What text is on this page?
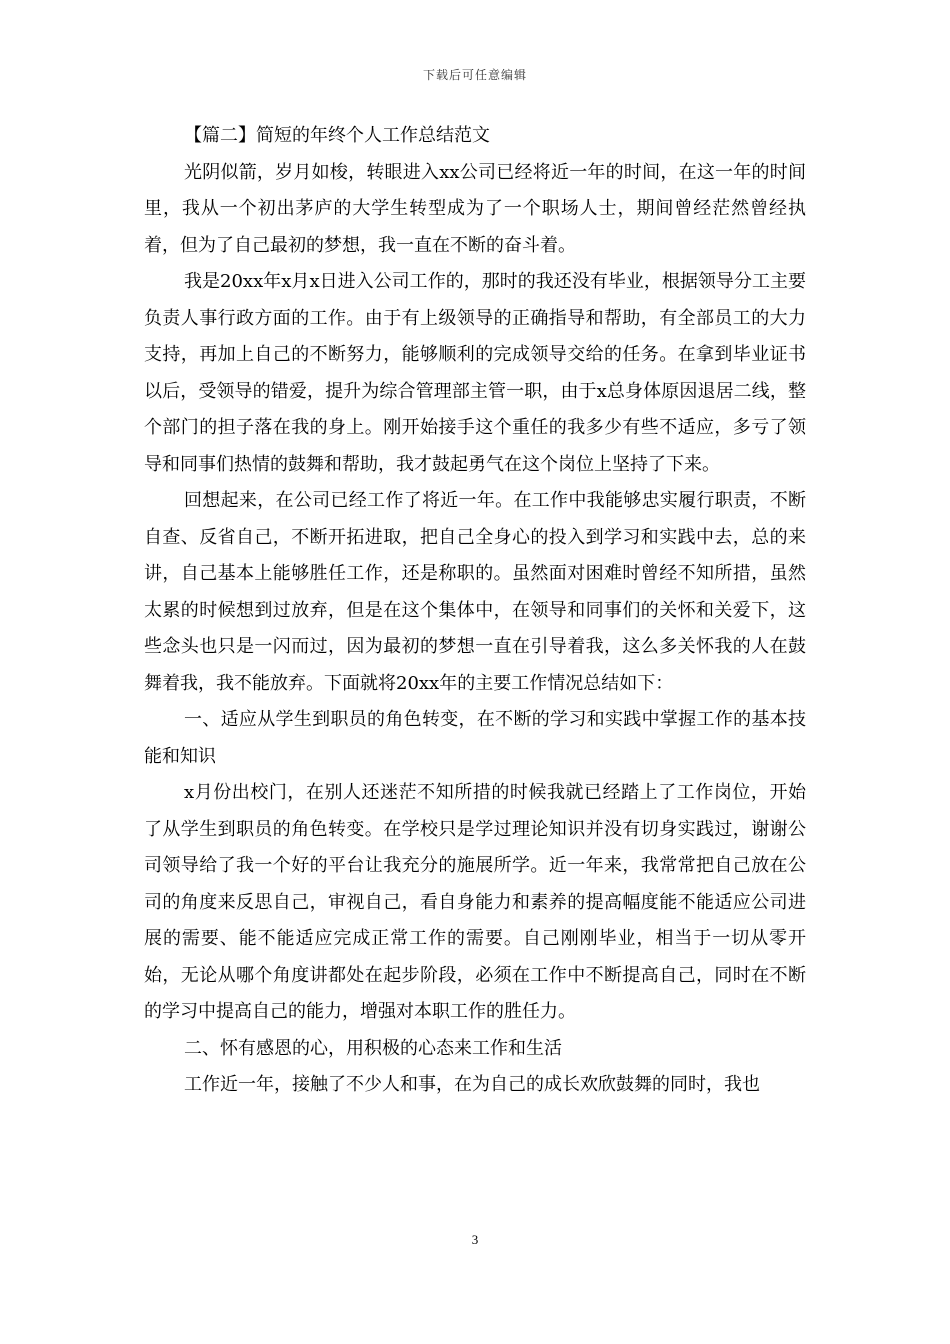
下载后可任意编辑

【篇二】简短的年终个人工作总结范文

光阴似箭，岁月如梭，转眼进入xx公司已经将近一年的时间，在这一年的时间里，我从一个初出茅庐的大学生转型成为了一个职场人士，期间曾经茫然曾经执着，但为了自己最初的梦想，我一直在不断的奋斗着。

我是20xx年x月x日进入公司工作的，那时的我还没有毕业，根据领导分工主要负责人事行政方面的工作。由于有上级领导的正确指导和帮助，有全部员工的大力支持，再加上自己的不断努力，能够顺利的完成领导交给的任务。在拿到毕业证书以后，受领导的错爱，提升为综合管理部主管一职，由于x总身体原因退居二线，整个部门的担子落在我的身上。刚开始接手这个重任的我多少有些不适应，多亏了领导和同事们热情的鼓舞和帮助，我才鼓起勇气在这个岗位上坚持了下来。

回想起来，在公司已经工作了将近一年。在工作中我能够忠实履行职责，不断自查、反省自己，不断开拓进取，把自己全身心的投入到学习和实践中去，总的来讲，自己基本上能够胜任工作，还是称职的。虽然面对困难时曾经不知所措，虽然太累的时候想到过放弃，但是在这个集体中，在领导和同事们的关怀和关爱下，这些念头也只是一闪而过，因为最初的梦想一直在引导着我，这么多关怀我的人在鼓舞着我，我不能放弃。下面就将20xx年的主要工作情况总结如下：

一、适应从学生到职员的角色转变，在不断的学习和实践中掌握工作的基本技能和知识

x月份出校门，在别人还迷茫不知所措的时候我就已经踏上了工作岗位，开始了从学生到职员的角色转变。在学校只是学过理论知识并没有切身实践过，谢谢公司领导给了我一个好的平台让我充分的施展所学。近一年来，我常常把自己放在公司的角度来反思自己，审视自己，看自身能力和素养的提高幅度能不能适应公司进展的需要、能不能适应完成正常工作的需要。自己刚刚毕业，相当于一切从零开始，无论从哪个角度讲都处在起步阶段，必须在工作中不断提高自己，同时在不断的学习中提高自己的能力，增强对本职工作的胜任力。

二、怀有感恩的心，用积极的心态来工作和生活

工作近一年，接触了不少人和事，在为自己的成长欢欣鼓舞的同时，我也

3
